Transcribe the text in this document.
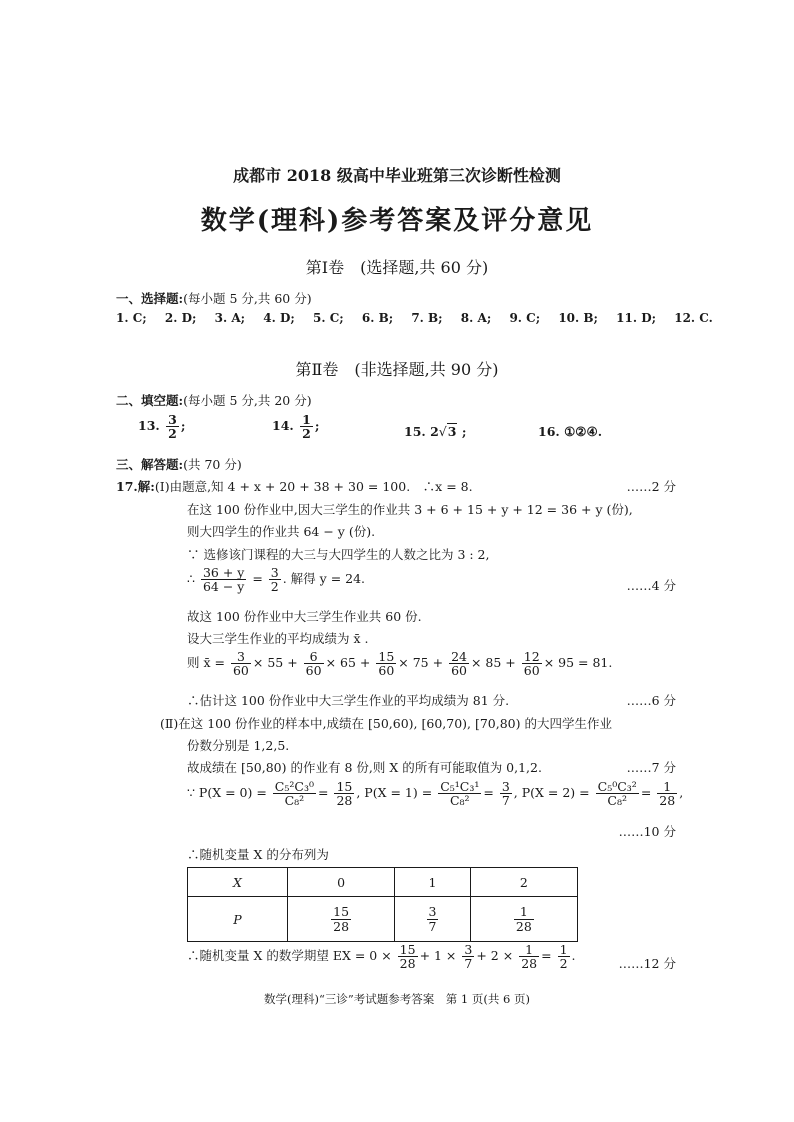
成都市 2018 级高中毕业班第三次诊断性检测
数学(理科)参考答案及评分意见
第Ⅰ卷　(选择题,共 60 分)
一、选择题:(每小题 5 分,共 60 分)
1. C; 2. D; 3. A; 4. D; 5. C; 6. B; 7. B; 8. A; 9. C; 10. B; 11. D; 12. C.
第Ⅱ卷　(非选择题,共 90 分)
二、填空题:(每小题 5 分,共 20 分)
13. $\frac{3}{2}$ ;	14. $\frac{1}{2}$ ;	15. 2√3 ;	16. ①②④.
三、解答题:(共 70 分)
17.解:(Ⅰ)由题意,知 4 + x + 20 + 38 + 30 = 100.　∴x = 8.	……2 分
在这 100 份作业中,因大三学生的作业共 3 + 6 + 15 + y + 12 = 36 + y (份),
则大四学生的作业共 64 − y (份).
∵ 选修该门课程的大三与大四学生的人数之比为 3 : 2,
∴ $\frac{36 + y}{64 - y} = \frac{3}{2}$ . 解得 y = 24.	……4 分
故这 100 份作业中大三学生作业共 60 份.
设大三学生作业的平均成绩为 x̄ .
则 x̄ = $\frac{3}{60} \times 55 + \frac{6}{60} \times 65 + \frac{15}{60} \times 75 + \frac{24}{60} \times 85 + \frac{12}{60} \times 95 = 81$.
∴估计这 100 份作业中大三学生作业的平均成绩为 81 分.	……6 分
(Ⅱ)在这 100 份作业的样本中,成绩在 [50,60), [60,70), [70,80) 的大四学生作业
份数分别是 1,2,5.
故成绩在 [50,80) 的作业有 8 份,则 X 的所有可能取值为 0,1,2.	……7 分
∵ $P(X = 0) = \frac{\text{C₅²C₃⁰}}{\text{C₈²}} = \frac{15}{28}$ , $P(X = 1) = \frac{\text{C₅¹C₃¹}}{\text{C₈²}} = \frac{3}{7}$ , $P(X = 2) = \frac{\text{C₅⁰C₃²}}{\text{C₈²}} = \frac{1}{28}$ ,
……10 分
∴随机变量 X 的分布列为
X	0	1	2
P	$\frac{15}{28}$	$\frac{3}{7}$	$\frac{1}{28}$
∴随机变量 X 的数学期望 EX = $0 \times \frac{15}{28} + 1 \times \frac{3}{7} + 2 \times \frac{1}{28} = \frac{1}{2}$ .
……12 分
数学(理科)“三诊”考试题参考答案　第 1 页(共 6 页)
